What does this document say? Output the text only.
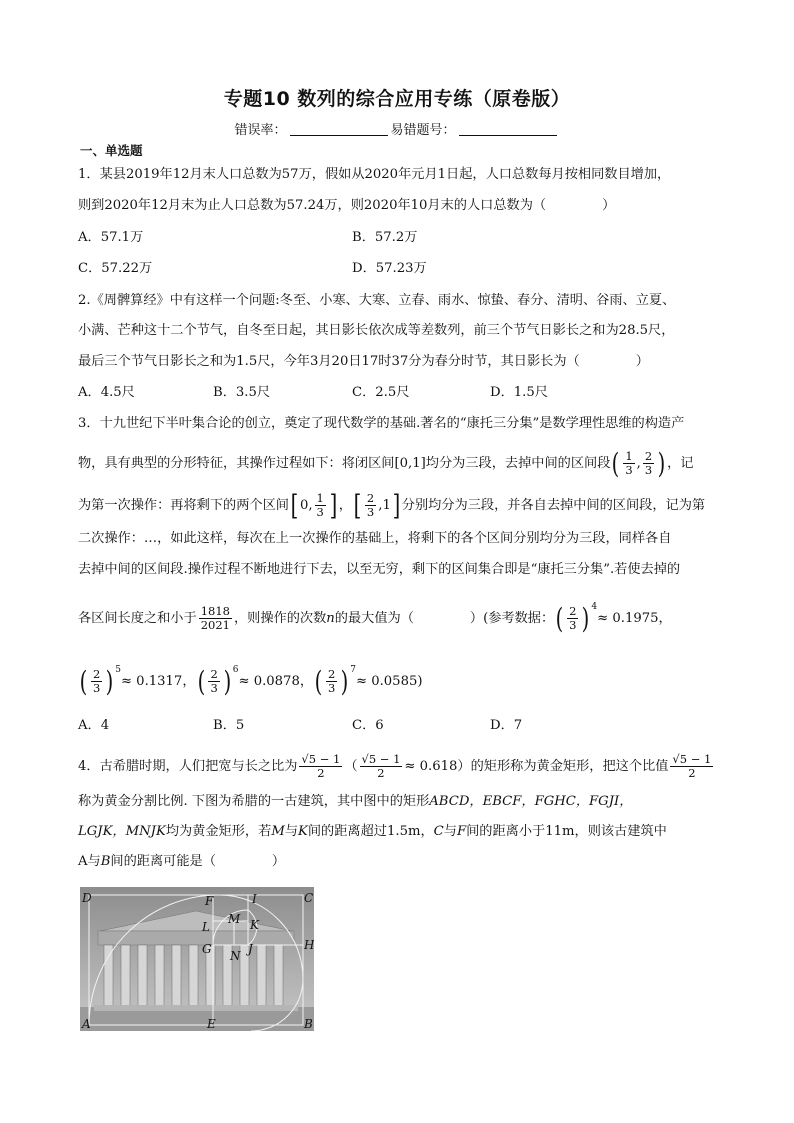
专题10 数列的综合应用专练（原卷版）
错误率：	易错题号：
一、单选题
1．某县2019年12月末人口总数为57万，假如从2020年元月1日起，人口总数每月按相同数目增加，
则到2020年12月末为止人口总数为57.24万，则2020年10月末的人口总数为（	）
A．57.1万	B．57.2万
C．57.22万	D．57.23万
2.《周髀算经》中有这样一个问题:冬至、小寒、大寒、立春、雨水、惊蛰、春分、清明、谷雨、立夏、
小满、芒种这十二个节气，自冬至日起，其日影长依次成等差数列，前三个节气日影长之和为28.5尺，
最后三个节气日影长之和为1.5尺，今年3月20日17时37分为春分时节，其日影长为（	）
A．4.5尺	B．3.5尺	C．2.5尺	D．1.5尺
3．十九世纪下半叶集合论的创立，奠定了现代数学的基础.著名的“康托三分集”是数学理性思维的构造产
物，具有典型的分形特征，其操作过程如下：将闭区间[0,1]均分为三段，去掉中间的区间段( $\frac{1}{3}$ , $\frac{2}{3}$ ) ，记
为第一次操作：再将剩下的两个区间[ 0, $\frac{1}{3}$ ] ，[ $\frac{2}{3} ,1$] 分别均分为三段，并各自去掉中间的区间段，记为第
二次操作：…，如此这样，每次在上一次操作的基础上，将剩下的各个区间分别均分为三段，同样各自
去掉中间的区间段.操作过程不断地进行下去，以至无穷，剩下的区间集合即是“康托三分集”.若使去掉的
各区间长度之和小于 $\frac{1818}{2021}$ ，则操作的次数n的最大值为（	）(参考数据：( $\frac{2}{3}$ ) $^4$≈ 0.1975，
( $\frac{2}{3}$ ) $^5$≈ 0.1317，( $\frac{2}{3}$ ) $^6$≈ 0.0878，( $\frac{2}{3}$ ) $^7$≈ 0.0585)
A．4	B．5	C．6	D．7
4．古希腊时期，人们把宽与长之比为 $\frac{√5 - 1}{2}$ （ $\frac{√5 - 1}{2} \approx 0.618$）的矩形称为黄金矩形，把这个比值 $\frac{√5 - 1}{2}$
称为黄金分割比例. 下图为希腊的一古建筑，其中图中的矩形ABCD，EBCF，FGHC，FGJI，
LGJK，MNJK均为黄金矩形，若M与K间的距离超过1.5m，C与F间的距离小于11m，则该古建筑中
A与B间的距离可能是（	）
D	C
A	B
E
F	I
H
L
M K
G N J
